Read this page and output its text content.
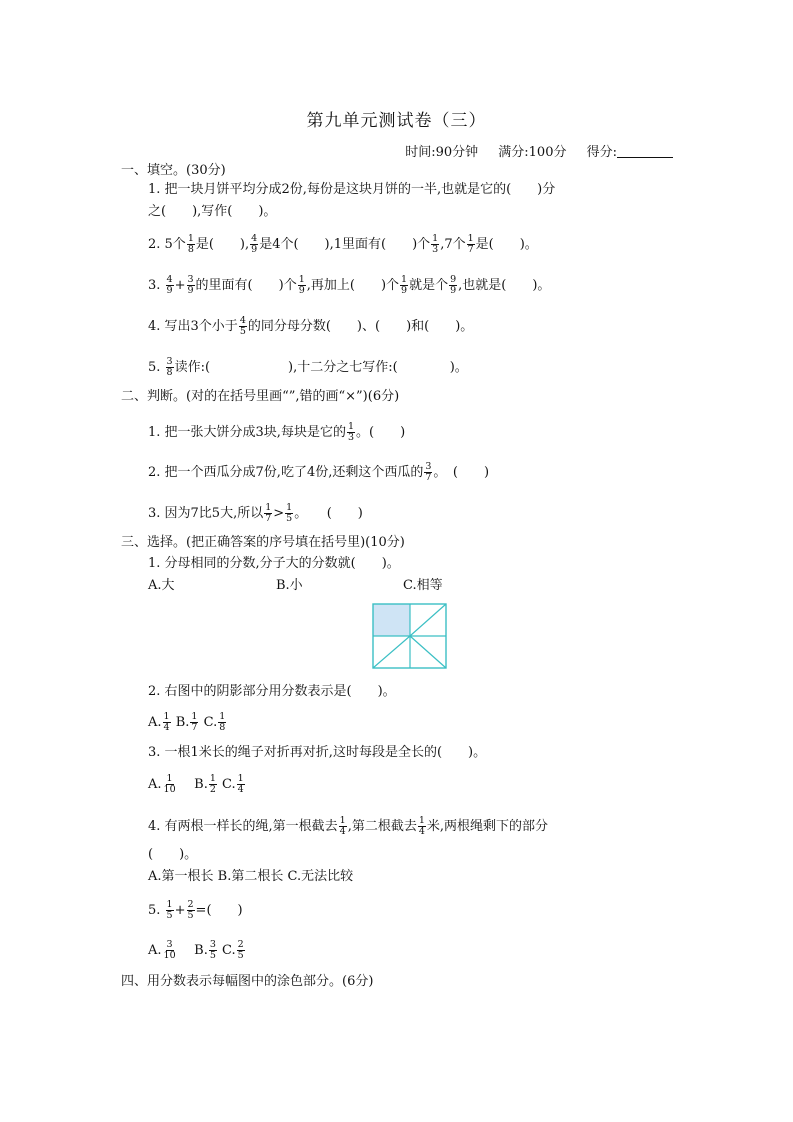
第九单元测试卷（三）
时间:90分钟 满分:100分 得分:
一、填空。(30分)
1. 把一块月饼平均分成2份,每份是这块月饼的一半,也就是它的(　　)分
之(　　),写作(　　)。
2. 5个 $\frac{1}{8}$ 是(　　), $\frac{4}{9}$ 是4个(　　),1里面有(　　)个 $\frac{1}{3} ,7$个 $\frac{1}{7}$ 是(　　)。
3. $\frac{4}{9} + \frac{3}{9}$ 的里面有(　　)个 $\frac{1}{9}$ ,再加上(　　)个 $\frac{1}{9}$ 就是个 $\frac{9}{9}$ ,也就是(　　)。
4. 写出3个小于 $\frac{4}{5}$ 的同分母分数(　　)、(　　)和(　　)。
5. $\frac{3}{8}$ 读作:(　　　　　　),十二分之七写作:(　　　　)。
二、判断。(对的在括号里画“”,错的画“×”)(6分)
1. 把一张大饼分成3块,每块是它的 $\frac{1}{3}$ 。(　　)
2. 把一个西瓜分成7份,吃了4份,还剩这个西瓜的 $\frac{3}{7}$ 。　(　　)
3. 因为7比5大,所以 $\frac{1}{7} > \frac{1}{5}$ 。　　(　　)
三、选择。(把正确答案的序号填在括号里)(10分)
1. 分母相同的分数,分子大的分数就(　　)。
A.大	B.小	C.相等
2. 右图中的阴影部分用分数表示是(　　)。
A. $\frac{1}{4} B$. $\frac{1}{7} C$. $\frac{1}{8}$
3. 一根1米长的绳子对折再对折,这时每段是全长的(　　)。
A. $\frac{1}{10} B$. $\frac{1}{2} C$. $\frac{1}{4}$
4. 有两根一样长的绳,第一根截去 $\frac{1}{4}$ ,第二根截去 $\frac{1}{4}$ 米,两根绳剩下的部分
(　　)。
A.第一根长 B.第二根长 C.无法比较
5. $\frac{1}{5} + \frac{2}{5}$ =(　　)
A. $\frac{3}{10} B$. $\frac{3}{5} C$. $\frac{2}{5}$
四、用分数表示每幅图中的涂色部分。(6分)
